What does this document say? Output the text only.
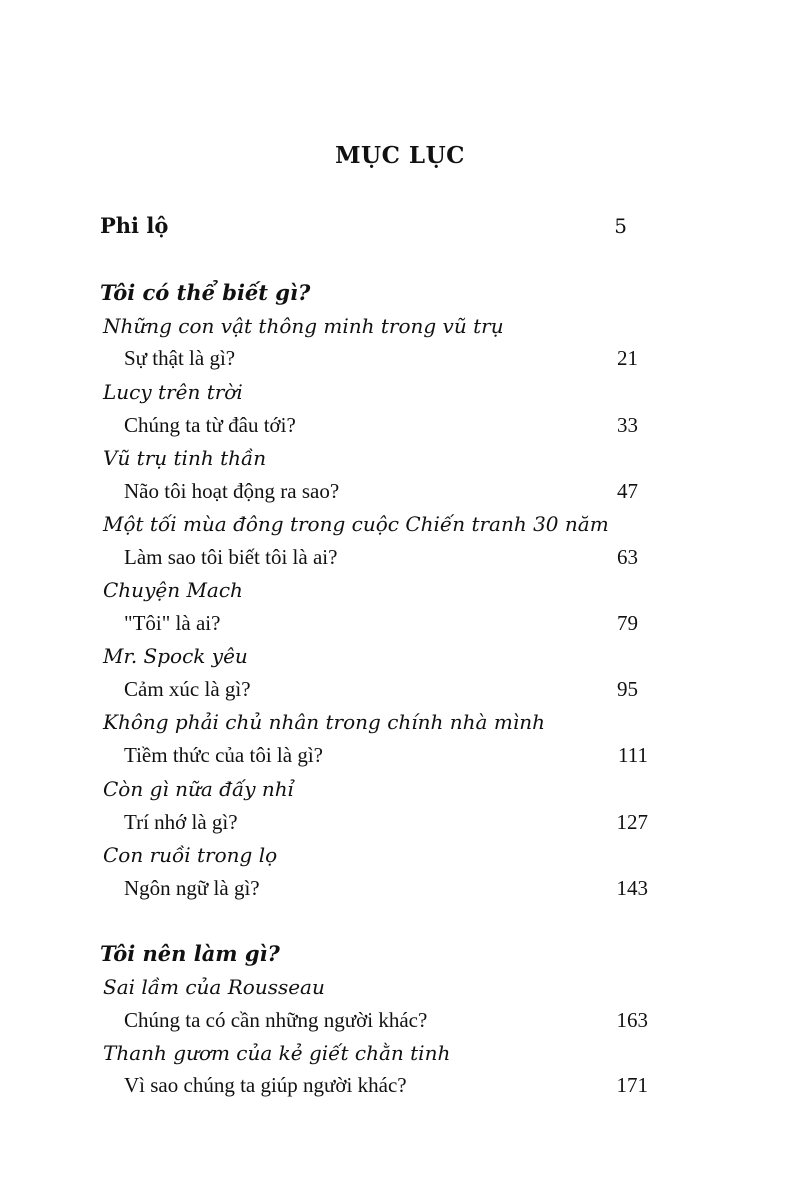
MỤC LỤC
Phi lộ	5
Tôi có thể biết gì?
Những con vật thông minh trong vũ trụ
Sự thật là gì?	21
Lucy trên trời
Chúng ta từ đâu tới?	33
Vũ trụ tinh thần
Não tôi hoạt động ra sao?	47
Một tối mùa đông trong cuộc Chiến tranh 30 năm
Làm sao tôi biết tôi là ai?	63
Chuyện Mach
"Tôi" là ai?	79
Mr. Spock yêu
Cảm xúc là gì?	95
Không phải chủ nhân trong chính nhà mình
Tiềm thức của tôi là gì?	111
Còn gì nữa đấy nhỉ
Trí nhớ là gì?	127
Con ruồi trong lọ
Ngôn ngữ là gì?	143
Tôi nên làm gì?
Sai lầm của Rousseau
Chúng ta có cần những người khác?	163
Thanh gươm của kẻ giết chằn tinh
Vì sao chúng ta giúp người khác?	171
